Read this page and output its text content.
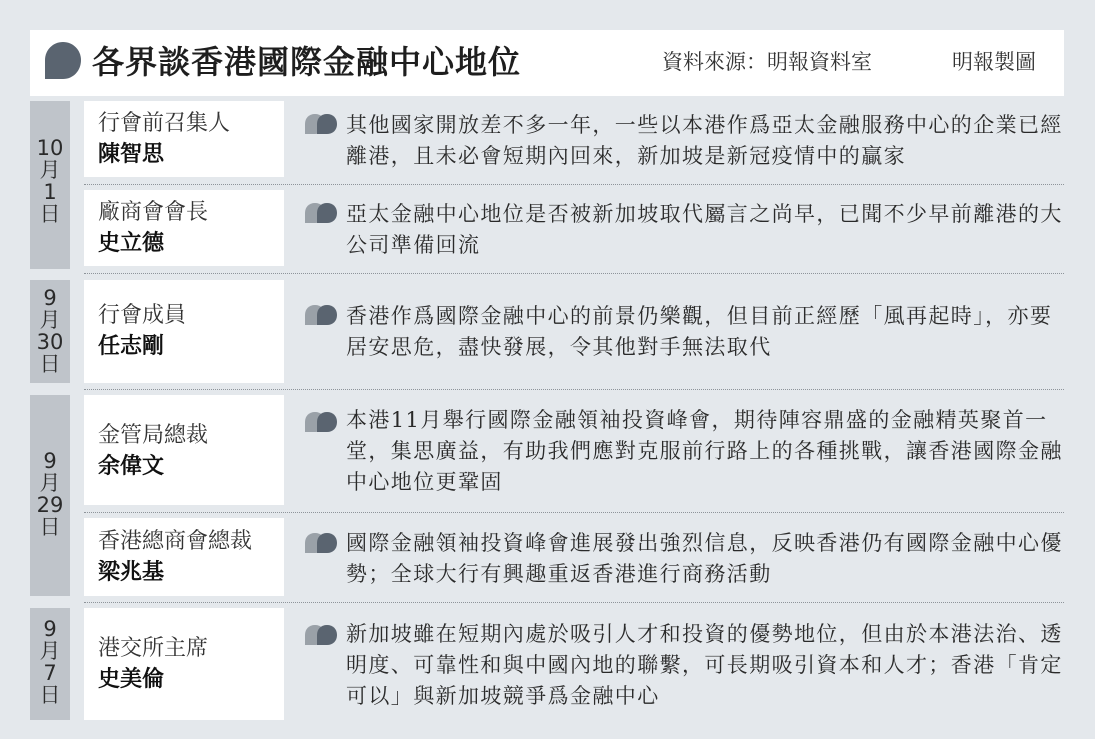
各界談香港國際金融中心地位	資料來源：明報資料室	明報製圖
10
月
1
日
行會前召集人
陳智思
其他國家開放差不多一年，一些以本港作爲亞太金融服務中心的企業已經離港，且未必會短期內回來，新加坡是新冠疫情中的贏家
廠商會會長
史立德
亞太金融中心地位是否被新加坡取代屬言之尚早，已聞不少早前離港的大公司準備回流
9
月
30
日
行會成員
任志剛
香港作爲國際金融中心的前景仍樂觀，但目前正經歷「風再起時」，亦要居安思危，盡快發展，令其他對手無法取代
9
月
29
日
金管局總裁
余偉文
本港11月舉行國際金融領袖投資峰會，期待陣容鼎盛的金融精英聚首一堂，集思廣益，有助我們應對克服前行路上的各種挑戰，讓香港國際金融中心地位更鞏固
香港總商會總裁
梁兆基
國際金融領袖投資峰會進展發出強烈信息，反映香港仍有國際金融中心優勢；全球大行有興趣重返香港進行商務活動
9
月
7
日
港交所主席
史美倫
新加坡雖在短期內處於吸引人才和投資的優勢地位，但由於本港法治、透明度、可靠性和與中國內地的聯繫，可長期吸引資本和人才；香港「肯定可以」與新加坡競爭爲金融中心
